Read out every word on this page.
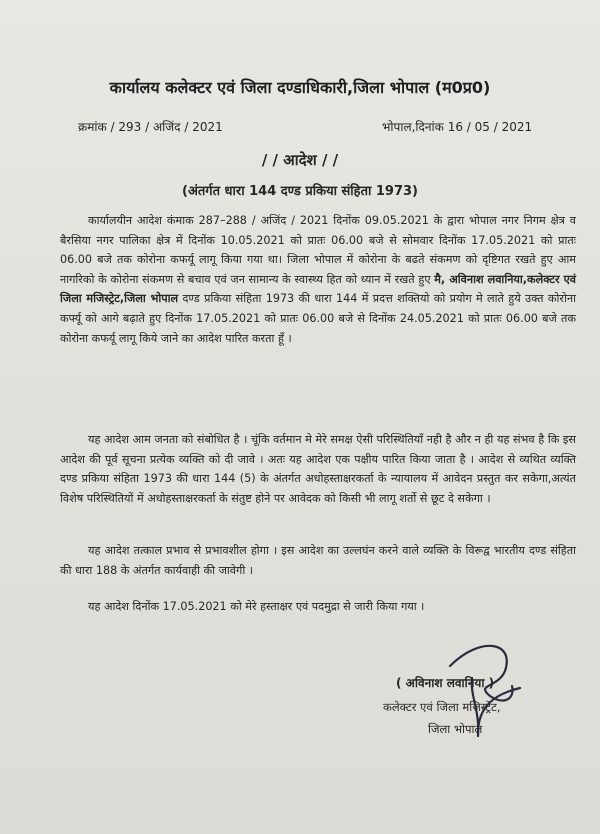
कार्यालय कलेक्टर एवं जिला दण्डाधिकारी,जिला भोपाल (म0प्र0)
क्रमांक / 293 / अजिंद / 2021	भोपाल,दिनांक 16 / 05 / 2021
/ / आदेश / /
(अंतर्गत धारा 144 दण्ड प्रकिया संहिता 1973)
कार्यालयीन आदेश कंमाक 287–288 / अजिंद / 2021 दिनोंक 09.05.2021 के द्वारा भोपाल नगर निगम क्षेत्र व बैरसिया नगर पालिका क्षेत्र में दिनोंक 10.05.2021 को प्रातः 06.00 बजे से सोमवार दिनोंक 17.05.2021 को प्रातः 06.00 बजे तक कोरोना कफर्यू लागू किया गया था। जिला भोपाल में कोरोना के बढते संकमण को दृष्टिगत रखते हुए आम नागरिको के कोरोना संकमण से बचाव एवं जन सामान्य के स्वास्थ्य हित को ध्यान में रखते हुए मै, अविनाश लवानिया,कलेक्टर एवं जिला मजिस्ट्रेट,जिला भोपाल दण्ड प्रकिया संहिता 1973 की धारा 144 में प्रदत्त शक्तियो को प्रयोग मे लाते हुये उक्त कोरोना कर्फ्यू को आगे बढ़ाते हुए दिनोंक 17.05.2021 को प्रातः 06.00 बजे से दिनोंक 24.05.2021 को प्रातः 06.00 बजे तक कोरोना कफर्यू लागू किये जाने का आदेश पारित करता हूँ ।
यह आदेश आम जनता को संबोधित है । चूंकि वर्तमान मे मेरे समक्ष ऐसी परिस्थितियॉं नही है और न ही यह संभव है कि इस आदेश की पूर्व सूचना प्रत्येक व्यक्ति को दी जावे । अतः यह आदेश एक पक्षीय पारित किया जाता है । आदेश से व्यथित व्यक्ति दण्ड प्रकिया संहिता 1973 की धारा 144 (5) के अंतर्गत अधोहस्ताक्षरकर्ता के न्यायालय में आवेदन प्रस्तुत कर सकेगा,अत्यंत विशेष परिस्थितियों में अधोहस्ताक्षरकर्ता के संतुष्ट होने पर आवेदक को किसी भी लागू शर्तो से छूट दे सकेगा ।
यह आदेश तत्काल प्रभाव से प्रभावशील होगा । इस आदेश का उल्लघंन करने वाले व्यक्ति के विरूद्व भारतीय दण्ड संहिता की धारा 188 के अंतर्गत कार्यवाही की जावेगी ।
यह आदेश दिनोंक 17.05.2021 को मेरे हस्ताक्षर एवं पदमुद्रा से जारी किया गया ।
( अविनाश लवानिया )
कलेक्टर एवं जिला मजिस्ट्रेट,
जिला भोपाल
